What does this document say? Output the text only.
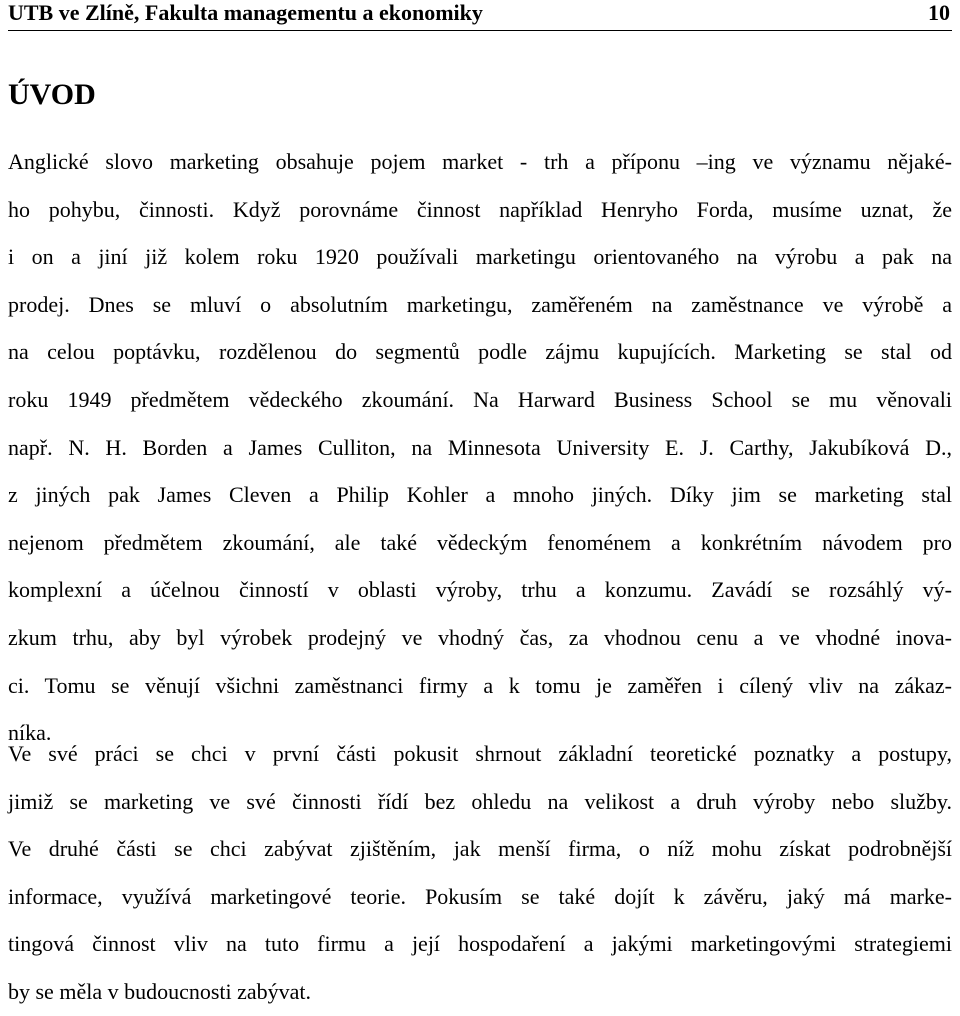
UTB ve Zlíně, Fakulta managementu a ekonomiky	10
ÚVOD
Anglické slovo marketing obsahuje pojem market - trh a příponu –ing ve významu nějaké-
ho pohybu, činnosti. Když porovnáme činnost například Henryho Forda, musíme uznat, že
i on a jiní již kolem roku 1920 používali marketingu orientovaného na výrobu a pak na
prodej. Dnes se mluví o absolutním marketingu, zaměřeném na zaměstnance ve výrobě a
na celou poptávku, rozdělenou do segmentů podle zájmu kupujících. Marketing se stal od
roku 1949 předmětem vědeckého zkoumání. Na Harward Business School se mu věnovali
např. N. H. Borden a James Culliton, na Minnesota University E. J. Carthy, Jakubíková D.,
z jiných pak James Cleven a Philip Kohler a mnoho jiných. Díky jim se marketing stal
nejenom předmětem zkoumání, ale také vědeckým fenoménem a konkrétním návodem pro
komplexní a účelnou činností v oblasti výroby, trhu a konzumu. Zavádí se rozsáhlý vý-
zkum trhu, aby byl výrobek prodejný ve vhodný čas, za vhodnou cenu a ve vhodné inova-
ci. Tomu se věnují všichni zaměstnanci firmy a k tomu je zaměřen i cílený vliv na zákaz-
níka.
Ve své práci se chci v první části pokusit shrnout základní teoretické poznatky a postupy,
jimiž se marketing ve své činnosti řídí bez ohledu na velikost a druh výroby nebo služby.
Ve druhé části se chci zabývat zjištěním, jak menší firma, o níž mohu získat podrobnější
informace, využívá marketingové teorie. Pokusím se také dojít k závěru, jaký má marke-
tingová činnost vliv na tuto firmu a její hospodaření a jakými marketingovými strategiemi
by se měla v budoucnosti zabývat.
